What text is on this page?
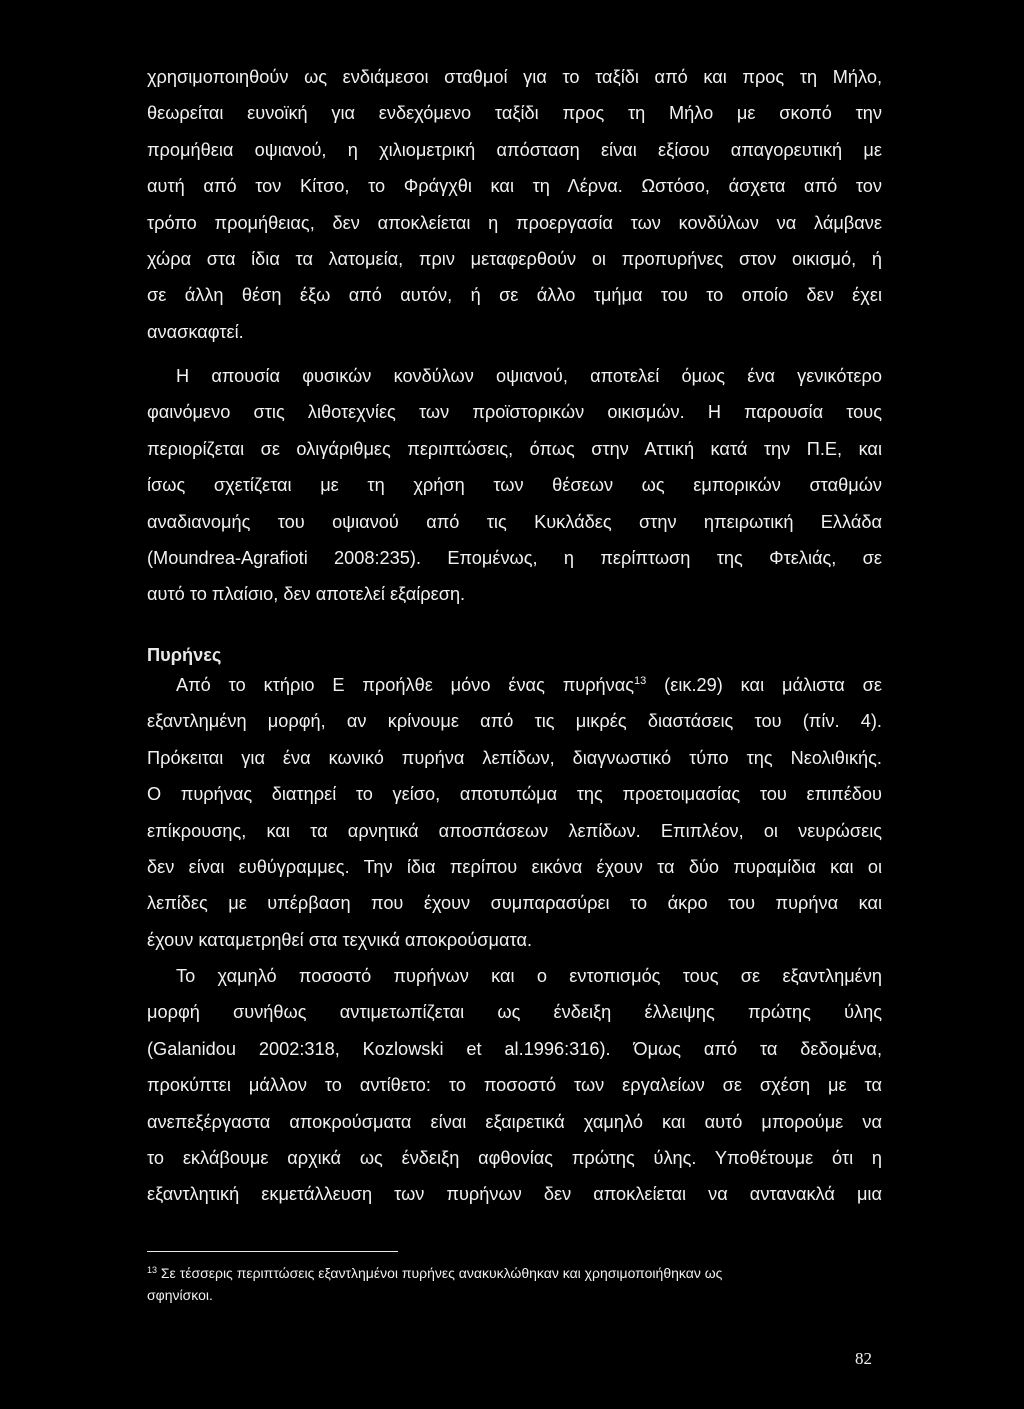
χρησιμοποιηθούν ως ενδιάμεσοι σταθμοί για το ταξίδι από και προς τη Μήλο,
θεωρείται ευνοϊκή για ενδεχόμενο ταξίδι προς τη Μήλο με σκοπό την
προμήθεια οψιανού, η χιλιομετρική απόσταση είναι εξίσου απαγορευτική με
αυτή από τον Κίτσο, το Φράγχθι και τη Λέρνα. Ωστόσο, άσχετα από τον
τρόπο προμήθειας, δεν αποκλείεται η προεργασία των κονδύλων να λάμβανε
χώρα στα ίδια τα λατομεία, πριν μεταφερθούν οι προπυρήνες στον οικισμό, ή
σε άλλη θέση έξω από αυτόν, ή σε άλλο τμήμα του το οποίο δεν έχει
ανασκαφτεί.
Η απουσία φυσικών κονδύλων οψιανού, αποτελεί όμως ένα γενικότερο
φαινόμενο στις λιθοτεχνίες των προϊστορικών οικισμών. Η παρουσία τους
περιορίζεται σε ολιγάριθμες περιπτώσεις, όπως στην Αττική κατά την Π.Ε, και
ίσως σχετίζεται με τη χρήση των θέσεων ως εμπορικών σταθμών
αναδιανομής του οψιανού από τις Κυκλάδες στην ηπειρωτική Ελλάδα
(Moundrea-Agrafioti 2008:235). Επομένως, η περίπτωση της Φτελιάς, σε
αυτό το πλαίσιο, δεν αποτελεί εξαίρεση.
Πυρήνες
Από το κτήριο Ε προήλθε μόνο ένας πυρήνας$^{13}$ (εικ.29) και μάλιστα σε
εξαντλημένη μορφή, αν κρίνουμε από τις μικρές διαστάσεις του (πίν. 4).
Πρόκειται για ένα κωνικό πυρήνα λεπίδων, διαγνωστικό τύπο της Νεολιθικής.
Ο πυρήνας διατηρεί το γείσο, αποτυπώμα της προετοιμασίας του επιπέδου
επίκρουσης, και τα αρνητικά αποσπάσεων λεπίδων. Επιπλέον, οι νευρώσεις
δεν είναι ευθύγραμμες. Την ίδια περίπου εικόνα έχουν τα δύο πυραμίδια και οι
λεπίδες με υπέρβαση που έχουν συμπαρασύρει το άκρο του πυρήνα και
έχουν καταμετρηθεί στα τεχνικά αποκρούσματα.
Το χαμηλό ποσοστό πυρήνων και ο εντοπισμός τους σε εξαντλημένη
μορφή συνήθως αντιμετωπίζεται ως ένδειξη έλλειψης πρώτης ύλης
(Galanidou 2002:318, Kozlowski et al.1996:316). Όμως από τα δεδομένα,
προκύπτει μάλλον το αντίθετο: το ποσοστό των εργαλείων σε σχέση με τα
ανεπεξέργαστα αποκρούσματα είναι εξαιρετικά χαμηλό και αυτό μπορούμε να
το εκλάβουμε αρχικά ως ένδειξη αφθονίας πρώτης ύλης. Υποθέτουμε ότι η
εξαντλητική εκμετάλλευση των πυρήνων δεν αποκλείεται να αντανακλά μια
$^{13}$ Σε τέσσερις περιπτώσεις εξαντλημένοι πυρήνες ανακυκλώθηκαν και χρησιμοποιήθηκαν ως
σφηνίσκοι.
82
